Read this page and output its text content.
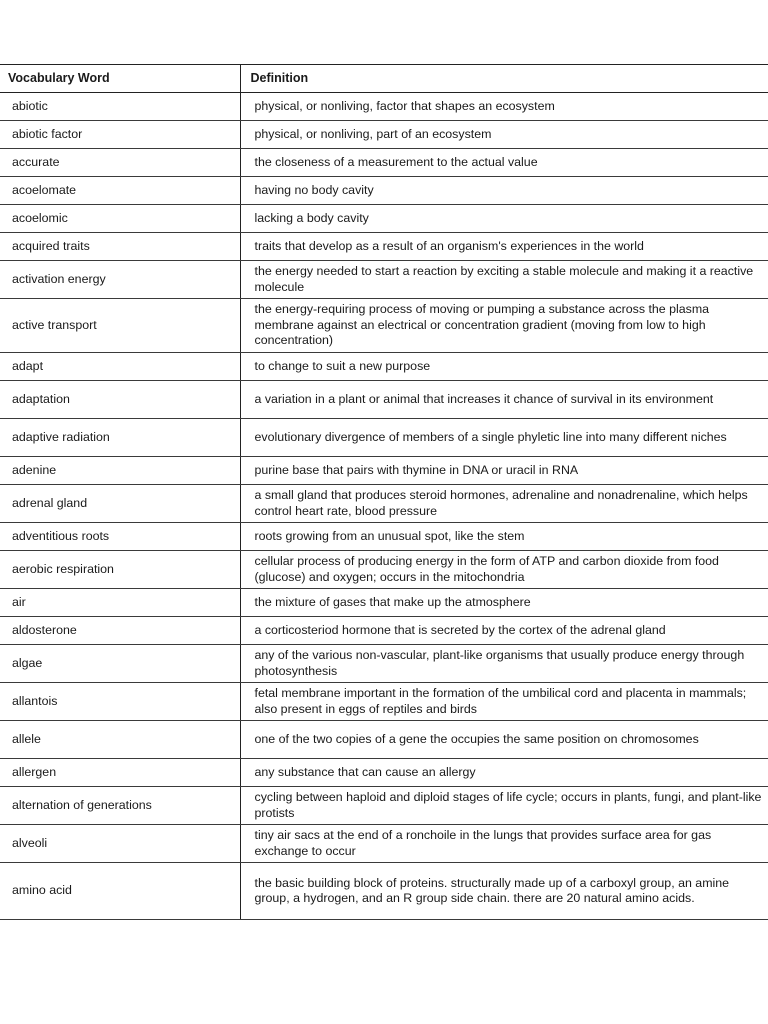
Vocabulary Word	Definition
abiotic	physical, or nonliving, factor that shapes an ecosystem
abiotic factor	physical, or nonliving, part of an ecosystem
accurate	the closeness of a measurement to the actual value
acoelomate	having no body cavity
acoelomic	lacking a body cavity
acquired traits	traits that develop as a result of an organism's experiences in the world
activation energy	the energy needed to start a reaction by exciting a stable molecule and making it a reactive molecule
active transport	the energy-requiring process of moving or pumping a substance across the plasma membrane against an electrical or concentration gradient (moving from low to high concentration)
adapt	to change to suit a new purpose
adaptation	a variation in a plant or animal that increases it chance of survival in its environment
adaptive radiation	evolutionary divergence of members of a single phyletic line into many different niches
adenine	purine base that pairs with thymine in DNA or uracil in RNA
adrenal gland	a small gland that produces steroid hormones, adrenaline and nonadrenaline, which helps control heart rate, blood pressure
adventitious roots	roots growing from an unusual spot, like the stem
aerobic respiration	cellular process of producing energy in the form of ATP and carbon dioxide from food (glucose) and oxygen; occurs in the mitochondria
air	the mixture of gases that make up the atmosphere
aldosterone	a corticosteriod hormone that is secreted by the cortex of the adrenal gland
algae	any of the various non-vascular, plant-like organisms that usually produce energy through photosynthesis
allantois	fetal membrane important in the formation of the umbilical cord and placenta in mammals; also present in eggs of reptiles and birds
allele	one of the two copies of a gene the occupies the same position on chromosomes
allergen	any substance that can cause an allergy
alternation of generations	cycling between haploid and diploid stages of life cycle; occurs in plants, fungi, and plant-like protists
alveoli	tiny air sacs at the end of a ronchoile in the lungs that provides surface area for gas exchange to occur
amino acid	the basic building block of proteins. structurally made up of a carboxyl group, an amine group, a hydrogen, and an R group side chain. there are 20 natural amino acids.
